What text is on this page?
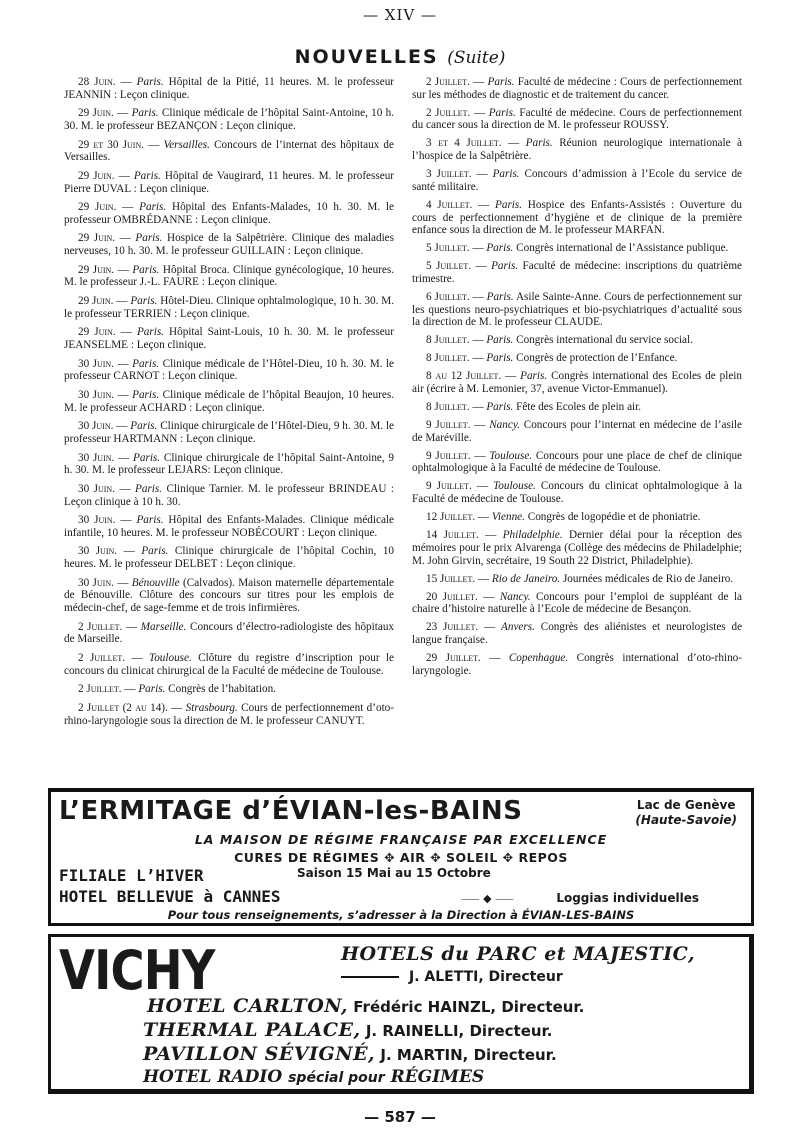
— XIV —
NOUVELLES (Suite)

28 Juin. — Paris. Hôpital de la Pitié, 11 heures. M. le professeur JEANNIN : Leçon clinique.

29 Juin. — Paris. Clinique médicale de l’hôpital Saint-Antoine, 10 h. 30. M. le professeur BEZANÇON : Leçon clinique.

29 et 30 Juin. — Versailles. Concours de l’internat des hôpitaux de Versailles.

29 Juin. — Paris. Hôpital de Vaugirard, 11 heures. M. le professeur Pierre DUVAL : Leçon clinique.

29 Juin. — Paris. Hôpital des Enfants-Malades, 10 h. 30. M. le professeur OMBRÉDANNE : Leçon clinique.

29 Juin. — Paris. Hospice de la Salpêtrière. Clinique des maladies nerveuses, 10 h. 30. M. le professeur GUILLAIN : Leçon clinique.

29 Juin. — Paris. Hôpital Broca. Clinique gynécologique, 10 heures. M. le professeur J.-L. FAURE : Leçon clinique.

29 Juin. — Paris. Hôtel-Dieu. Clinique ophtalmologique, 10 h. 30. M. le professeur TERRIEN : Leçon clinique.

29 Juin. — Paris. Hôpital Saint-Louis, 10 h. 30. M. le professeur JEANSELME : Leçon clinique.

30 Juin. — Paris. Clinique médicale de l’Hôtel-Dieu, 10 h. 30. M. le professeur CARNOT : Leçon clinique.

30 Juin. — Paris. Clinique médicale de l’hôpital Beaujon, 10 heures. M. le professeur ACHARD : Leçon clinique.

30 Juin. — Paris. Clinique chirurgicale de l’Hôtel-Dieu, 9 h. 30. M. le professeur HARTMANN : Leçon clinique.

30 Juin. — Paris. Clinique chirurgicale de l’hôpital Saint-Antoine, 9 h. 30. M. le professeur LEJARS: Leçon clinique.

30 Juin. — Paris. Clinique Tarnier. M. le professeur BRINDEAU : Leçon clinique à 10 h. 30.

30 Juin. — Paris. Hôpital des Enfants-Malades. Clinique médicale infantile, 10 heures. M. le professeur NOBÉCOURT : Leçon clinique.

30 Juin. — Paris. Clinique chirurgicale de l’hôpital Cochin, 10 heures. M. le professeur DELBET : Leçon clinique.

30 Juin. — Bénouville (Calvados). Maison maternelle départementale de Bénouville. Clôture des concours sur titres pour les emplois de médecin-chef, de sage-femme et de trois infirmières.

2 Juillet. — Marseille. Concours d’électro-radiologiste des hôpitaux de Marseille.

2 Juillet. — Toulouse. Clôture du registre d’inscription pour le concours du clinicat chirurgical de la Faculté de médecine de Toulouse.

2 Juillet. — Paris. Congrès de l’habitation.

2 Juillet (2 au 14). — Strasbourg. Cours de perfectionnement d’oto-rhino-laryngologie sous la direction de M. le professeur CANUYT.

2 Juillet. — Paris. Faculté de médecine : Cours de perfectionnement sur les méthodes de diagnostic et de traitement du cancer.

2 Juillet. — Paris. Faculté de médecine. Cours de perfectionnement du cancer sous la direction de M. le professeur ROUSSY.

3 et 4 Juillet. — Paris. Réunion neurologique internationale à l’hospice de la Salpêtrière.

3 Juillet. — Paris. Concours d’admission à l’Ecole du service de santé militaire.

4 Juillet. — Paris. Hospice des Enfants-Assistés : Ouverture du cours de perfectionnement d’hygiène et de clinique de la première enfance sous la direction de M. le professeur MARFAN.

5 Juillet. — Paris. Congrès international de l’Assistance publique.

5 Juillet. — Paris. Faculté de médecine: inscriptions du quatrième trimestre.

6 Juillet. — Paris. Asile Sainte-Anne. Cours de perfectionnement sur les questions neuro-psychiatriques et bio-psychiatriques d’actualité sous la direction de M. le professeur CLAUDE.

8 Juillet. — Paris. Congrès international du service social.

8 Juillet. — Paris. Congrès de protection de l’Enfance.

8 au 12 Juillet. — Paris. Congrès international des Ecoles de plein air (écrire à M. Lemonier, 37, avenue Victor-Emmanuel).

8 Juillet. — Paris. Fête des Ecoles de plein air.

9 Juillet. — Nancy. Concours pour l’internat en médecine de l’asile de Maréville.

9 Juillet. — Toulouse. Concours pour une place de chef de clinique ophtalmologique à la Faculté de médecine de Toulouse.

9 Juillet. — Toulouse. Concours du clinicat ophtalmologique à la Faculté de médecine de Toulouse.

12 Juillet. — Vienne. Congrès de logopédie et de phoniatrie.

14 Juillet. — Philadelphie. Dernier délai pour la réception des mémoires pour le prix Alvarenga (Collège des médecins de Philadelphie; M. John Girvin, secrétaire, 19 South 22 District, Philadelphie).

15 Juillet. — Rio de Janeiro. Journées médicales de Rio de Janeiro.

20 Juillet. — Nancy. Concours pour l’emploi de suppléant de la chaire d’histoire naturelle à l’Ecole de médecine de Besançon.

23 Juillet. — Anvers. Congrès des aliénistes et neurologistes de langue française.

29 Juillet. — Copenhague. Congrès international d’oto-rhino-laryngologie.

L’ERMITAGE d’ÉVIAN-les-BAINS	Lac de Genève
(Haute-Savoie)
LA MAISON DE RÉGIME FRANÇAISE PAR EXCELLENCE
CURES DE RÉGIMES ✥ AIR ✥ SOLEIL ✥ REPOS
FILIALE L’HIVER	Saison 15 Mai au 15 Octobre
HOTEL BELLEVUE à CANNES	⸺ ◆ ⸺	Loggias individuelles
Pour tous renseignements, s’adresser à la Direction à ÉVIAN-LES-BAINS
VICHY	HOTELS du PARC et MAJESTIC,
J. ALETTI, Directeur
HOTEL CARLTON, Frédéric HAINZL, Directeur.
THERMAL PALACE, J. RAINELLI, Directeur.
PAVILLON SÉVIGNÉ, J. MARTIN, Directeur.
HOTEL RADIO spécial pour RÉGIMES
— 587 —
